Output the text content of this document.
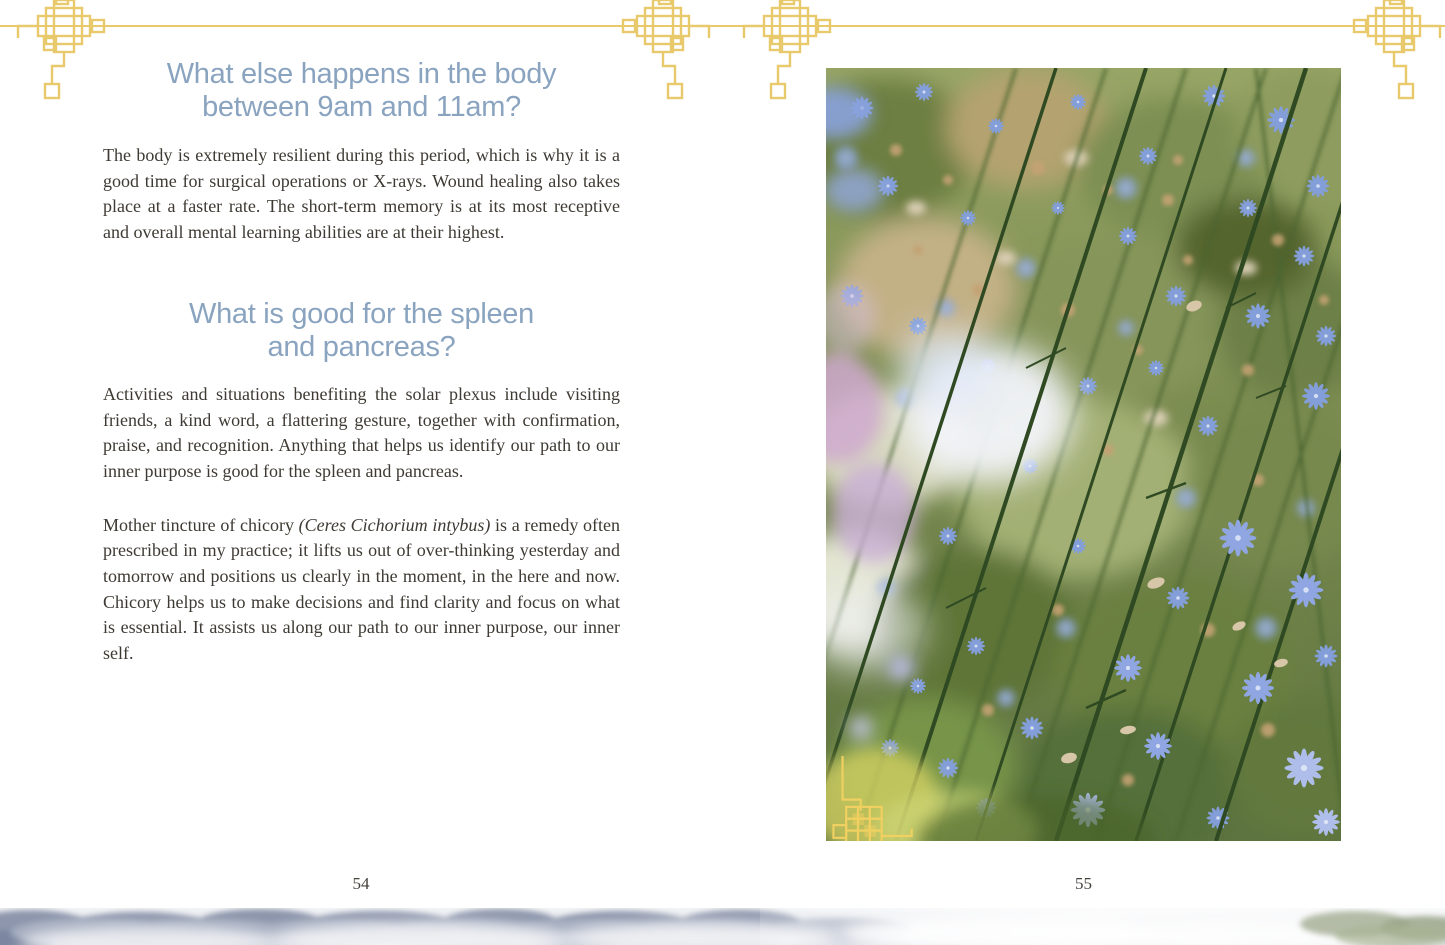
What else happens in the body
between 9am and 11am?

The body is extremely resilient during this period, which is why it is a good time for surgical operations or X-rays. Wound healing also takes place at a faster rate. The short-term memory is at its most receptive and overall mental learning abilities are at their highest.

What is good for the spleen
and pancreas?

Activities and situations benefiting the solar plexus include visiting friends, a kind word, a flattering gesture, together with confirmation, praise, and recognition. Anything that helps us identify our path to our inner purpose is good for the spleen and pancreas.

Mother tincture of chicory (Ceres Cichorium intybus) is a remedy often prescribed in my practice; it lifts us out of over-thinking yesterday and tomorrow and positions us clearly in the moment, in the here and now. Chicory helps us to make decisions and find clarity and focus on what is essential. It assists us along our path to our inner purpose, our inner self.

54	55
